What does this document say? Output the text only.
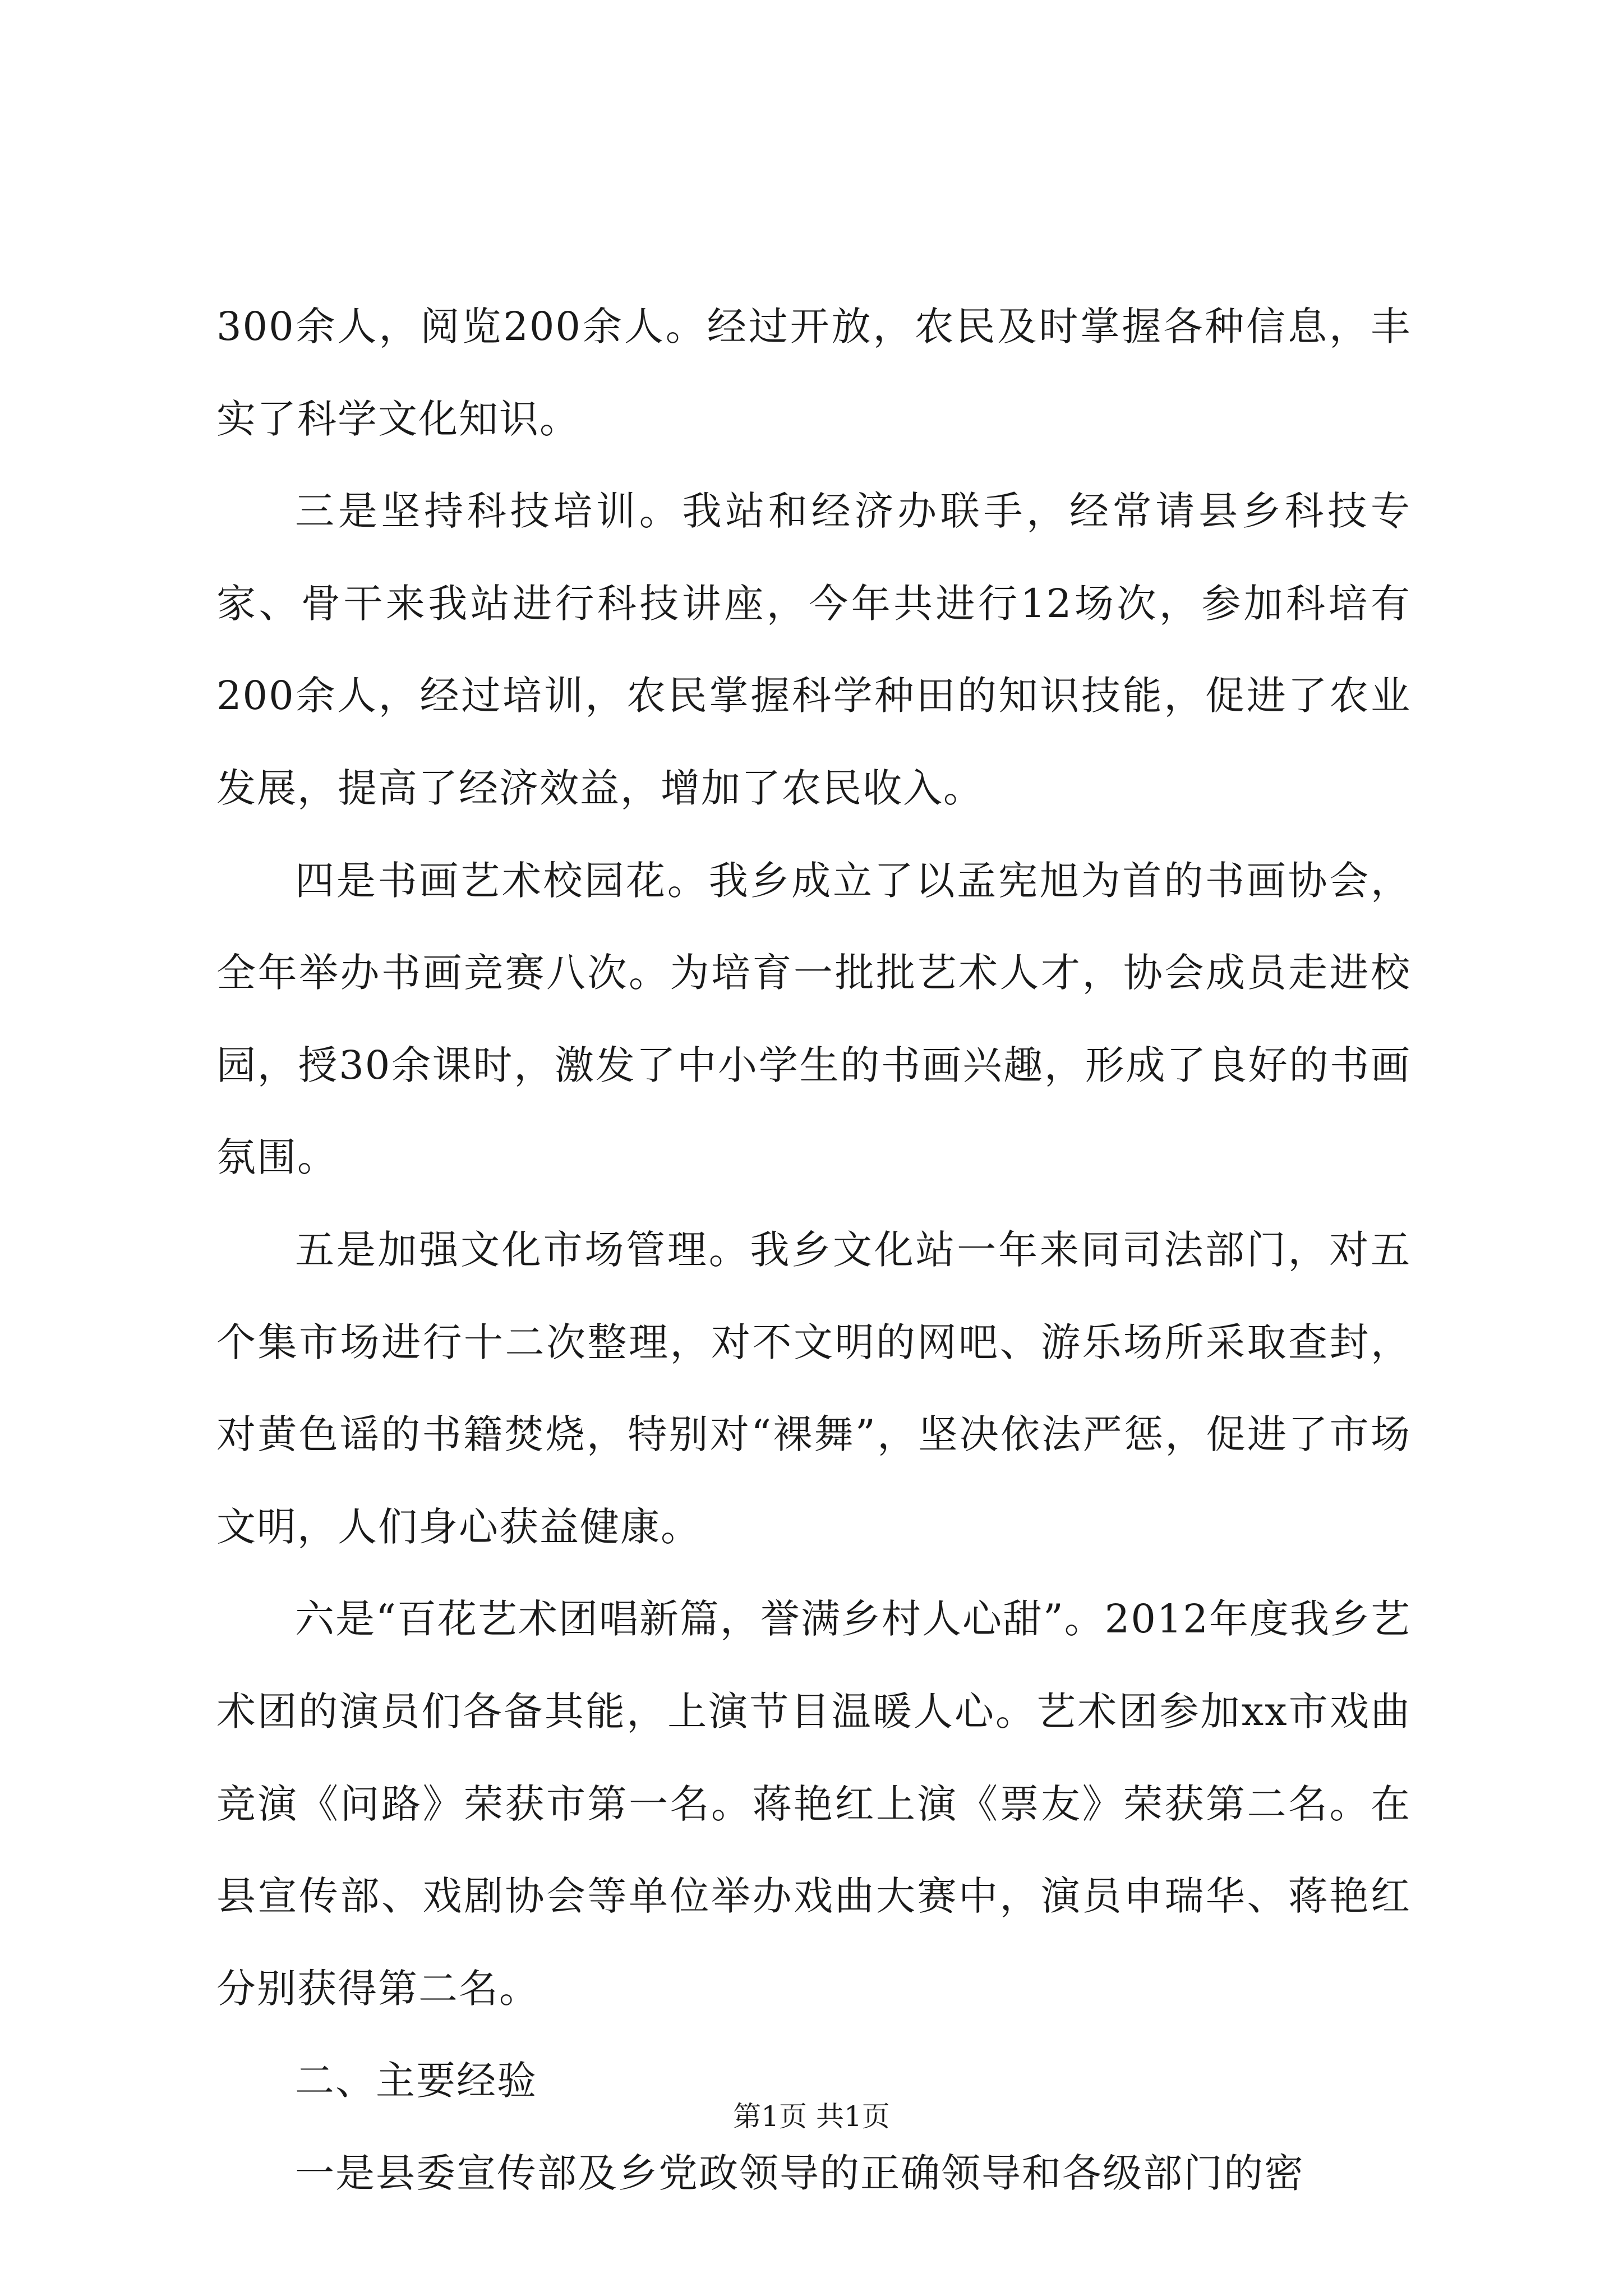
300余人，阅览200余人。经过开放，农民及时掌握各种信息，丰实了科学文化知识。

三是坚持科技培训。我站和经济办联手，经常请县乡科技专家、骨干来我站进行科技讲座，今年共进行12场次，参加科培有200余人，经过培训，农民掌握科学种田的知识技能，促进了农业发展，提高了经济效益，增加了农民收入。

四是书画艺术校园花。我乡成立了以孟宪旭为首的书画协会，全年举办书画竞赛八次。为培育一批批艺术人才，协会成员走进校园，授30余课时，激发了中小学生的书画兴趣，形成了良好的书画氛围。

五是加强文化市场管理。我乡文化站一年来同司法部门，对五个集市场进行十二次整理，对不文明的网吧、游乐场所采取查封，对黄色谣的书籍焚烧，特别对“裸舞”，坚决依法严惩，促进了市场文明，人们身心获益健康。

六是“百花艺术团唱新篇，誉满乡村人心甜”。2012年度我乡艺术团的演员们各备其能，上演节目温暖人心。艺术团参加xx市戏曲竞演《问路》荣获市第一名。蒋艳红上演《票友》荣获第二名。在县宣传部、戏剧协会等单位举办戏曲大赛中，演员申瑞华、蒋艳红分别获得第二名。

二、主要经验

一是县委宣传部及乡党政领导的正确领导和各级部门的密

第1页 共1页
